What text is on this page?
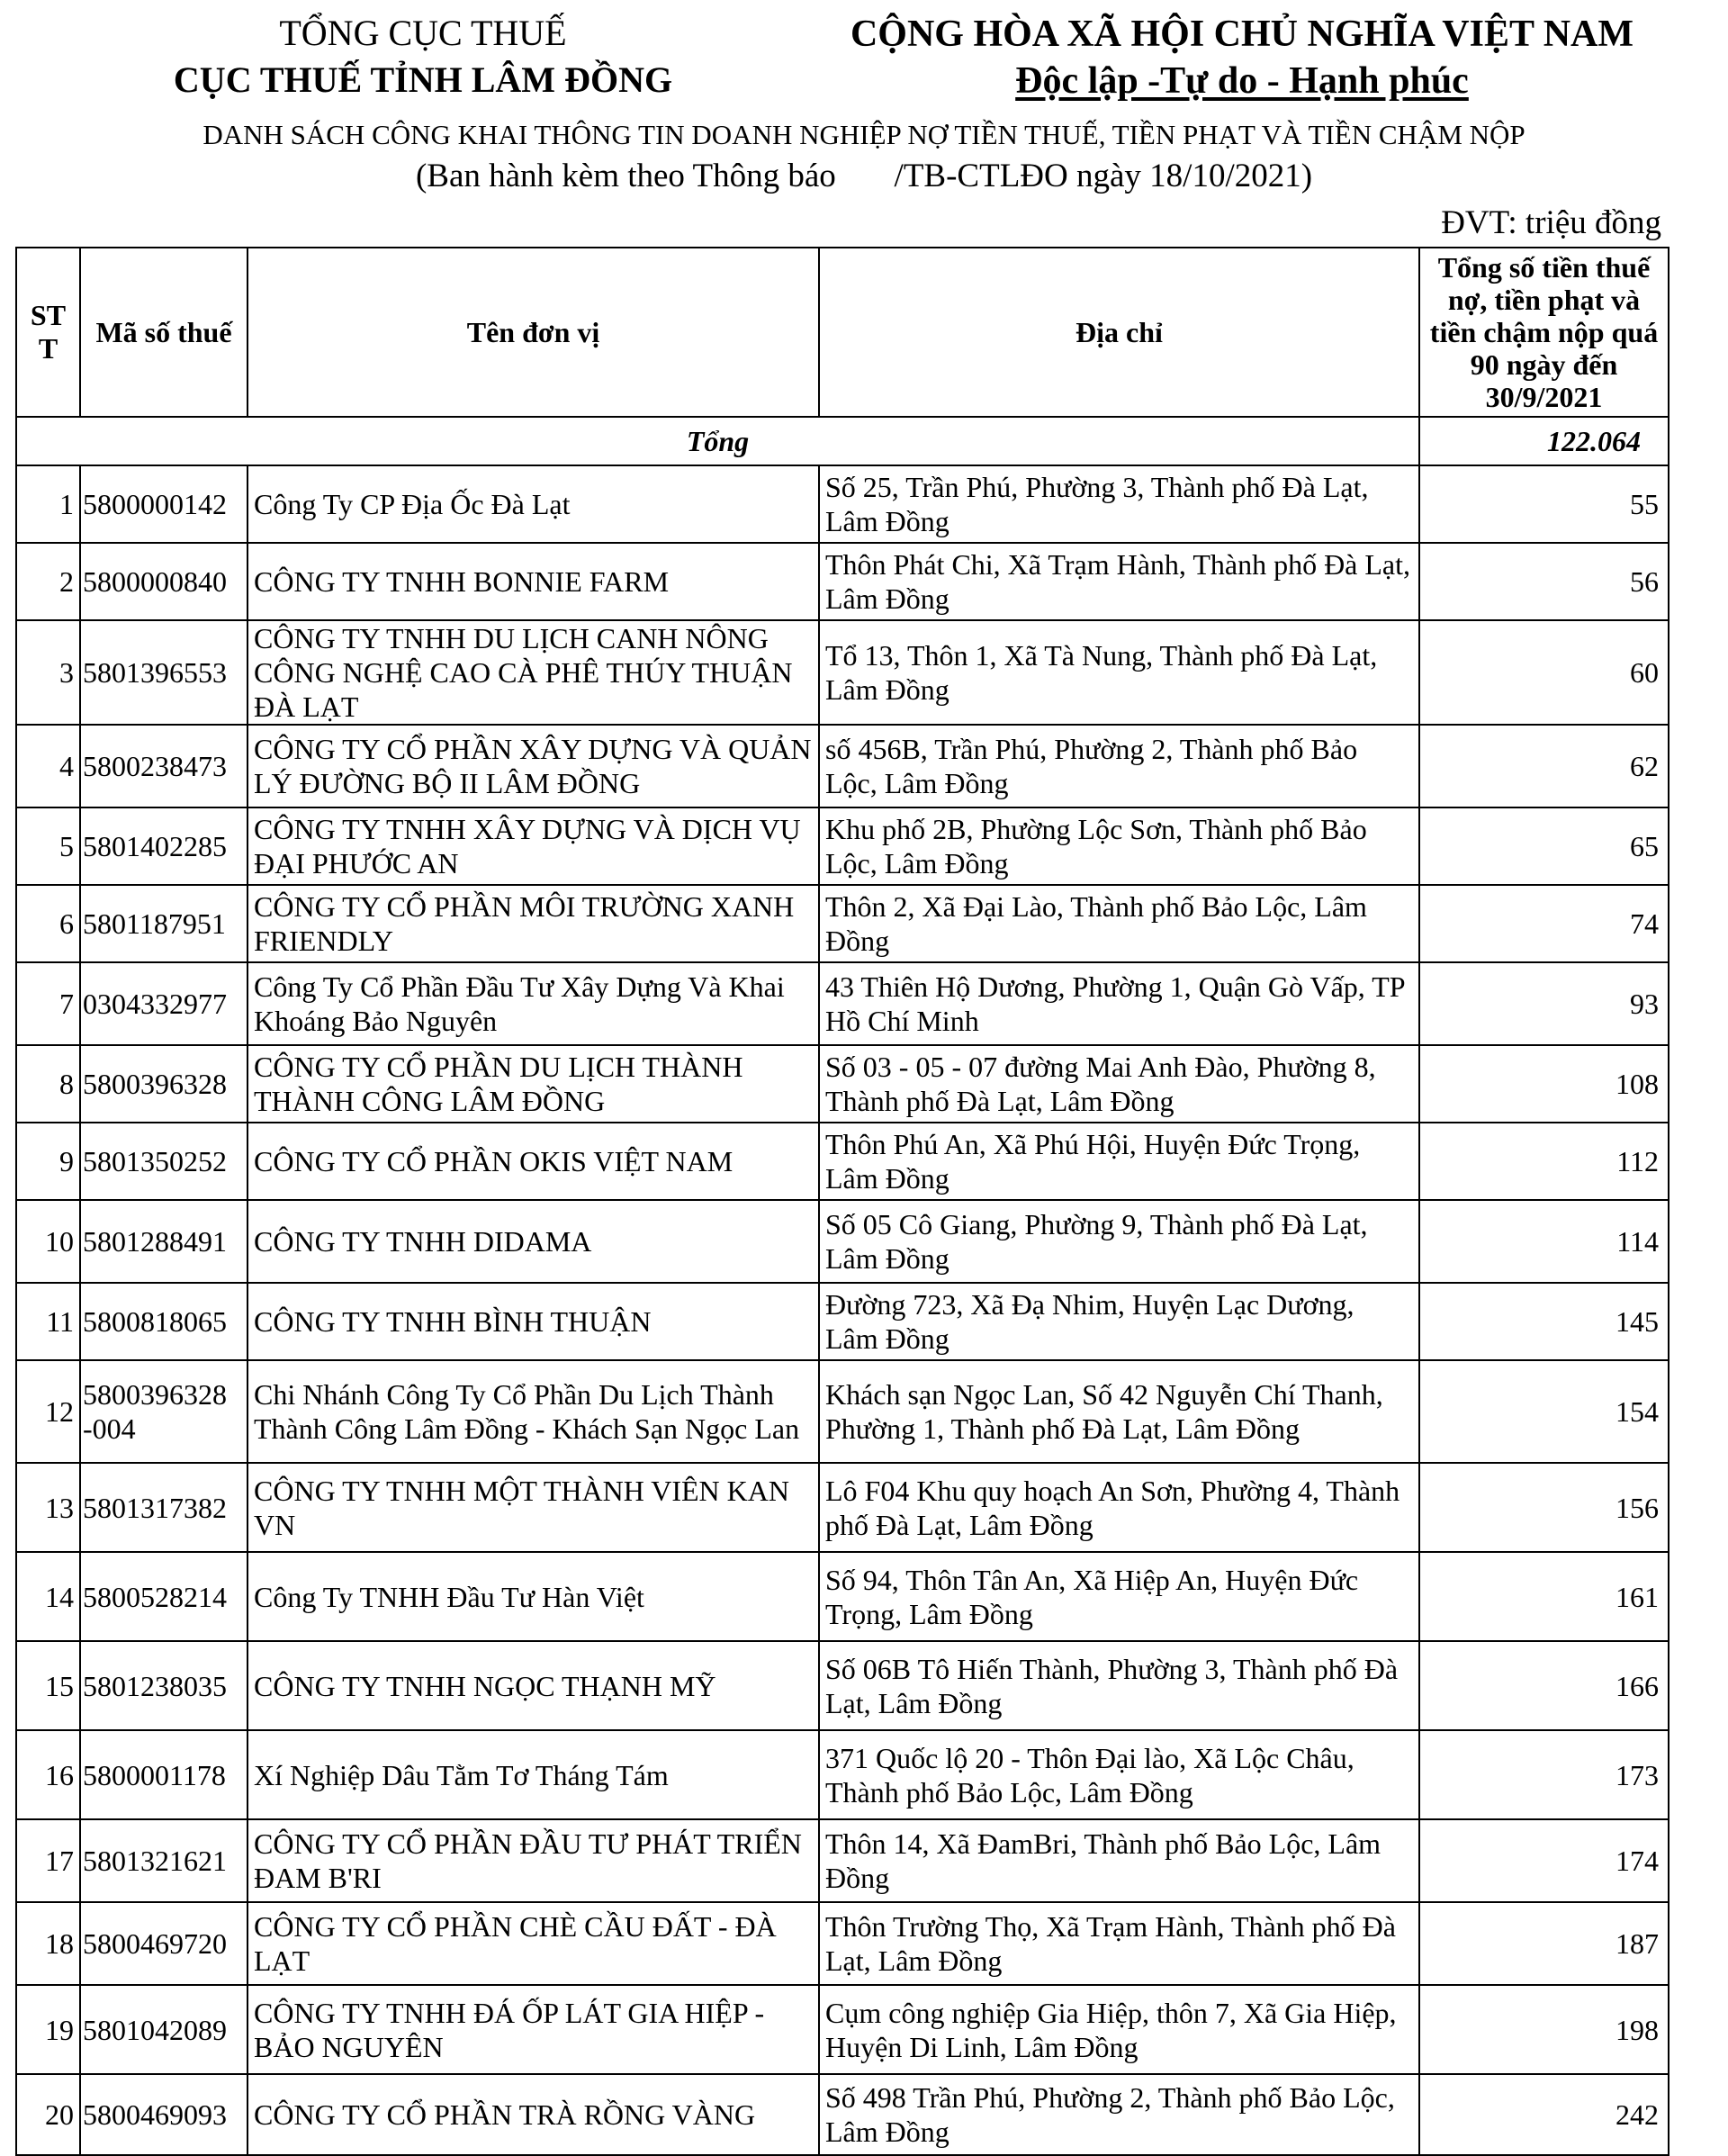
TỔNG CỤC THUẾ
CỤC THUẾ TỈNH LÂM ĐỒNG
CỘNG HÒA XÃ HỘI CHỦ NGHĨA VIỆT NAM
Độc lập -Tự do - Hạnh phúc
DANH SÁCH CÔNG KHAI THÔNG TIN DOANH NGHIỆP NỢ TIỀN THUẾ, TIỀN PHẠT VÀ TIỀN CHẬM NỘP
(Ban hành kèm theo Thông báo       /TB-CTLĐO ngày 18/10/2021)
ĐVT: triệu đồng
STT	Mã số thuế	Tên đơn vị	Địa chỉ	Tổng số tiền thuế nợ, tiền phạt và tiền chậm nộp quá 90 ngày đến 30/9/2021
Tổng				122.064
1	5800000142	Công Ty CP Địa Ốc Đà Lạt	Số 25, Trần Phú, Phường 3, Thành phố Đà Lạt, Lâm Đồng	55
2	5800000840	CÔNG TY TNHH BONNIE FARM	Thôn Phát Chi, Xã Trạm Hành, Thành phố Đà Lạt, Lâm Đồng	56
3	5801396553	CÔNG TY TNHH DU LỊCH CANH NÔNG CÔNG NGHỆ CAO CÀ PHÊ THÚY THUẬN ĐÀ LẠT	Tổ 13, Thôn 1, Xã Tà Nung, Thành phố Đà Lạt, Lâm Đồng	60
4	5800238473	CÔNG TY CỔ PHẦN XÂY DỰNG VÀ QUẢN LÝ ĐƯỜNG BỘ II LÂM ĐỒNG	số 456B, Trần Phú, Phường 2, Thành phố Bảo Lộc, Lâm Đồng	62
5	5801402285	CÔNG TY TNHH XÂY DỰNG VÀ DỊCH VỤ ĐẠI PHƯỚC AN	Khu phố 2B, Phường Lộc Sơn, Thành phố Bảo Lộc, Lâm Đồng	65
6	5801187951	CÔNG TY CỔ PHẦN MÔI TRƯỜNG XANH FRIENDLY	Thôn 2, Xã Đại Lào, Thành phố Bảo Lộc, Lâm Đồng	74
7	0304332977	Công Ty Cổ Phần Đầu Tư Xây Dựng Và Khai Khoáng Bảo Nguyên	43 Thiên Hộ Dương, Phường 1, Quận Gò Vấp, TP Hồ Chí Minh	93
8	5800396328	CÔNG TY CỔ PHẦN DU LỊCH THÀNH THÀNH CÔNG LÂM ĐỒNG	Số 03 - 05 - 07 đường Mai Anh Đào, Phường 8, Thành phố Đà Lạt, Lâm Đồng	108
9	5801350252	CÔNG TY CỔ PHẦN OKIS VIỆT NAM	Thôn Phú An, Xã Phú Hội, Huyện Đức Trọng, Lâm Đồng	112
10	5801288491	CÔNG TY TNHH DIDAMA	Số 05 Cô Giang, Phường 9, Thành phố Đà Lạt, Lâm Đồng	114
11	5800818065	CÔNG TY TNHH BÌNH THUẬN	Đường 723, Xã Đạ Nhim, Huyện Lạc Dương, Lâm Đồng	145
12	5800396328 -004	Chi Nhánh Công Ty Cổ Phần Du Lịch Thành Thành Công Lâm Đồng - Khách Sạn Ngọc Lan	Khách sạn Ngọc Lan, Số 42 Nguyễn Chí Thanh, Phường 1, Thành phố Đà Lạt, Lâm Đồng	154
13	5801317382	CÔNG TY TNHH MỘT THÀNH VIÊN KAN VN	Lô F04 Khu quy hoạch An Sơn, Phường 4, Thành phố Đà Lạt, Lâm Đồng	156
14	5800528214	Công Ty TNHH Đầu Tư Hàn Việt	Số 94, Thôn Tân An, Xã Hiệp An, Huyện Đức Trọng, Lâm Đồng	161
15	5801238035	CÔNG TY TNHH NGỌC THẠNH MỸ	Số 06B Tô Hiến Thành, Phường 3, Thành phố Đà Lạt, Lâm Đồng	166
16	5800001178	Xí Nghiệp Dâu Tằm Tơ Tháng Tám	371 Quốc lộ 20 - Thôn Đại lào, Xã Lộc Châu, Thành phố Bảo Lộc, Lâm Đồng	173
17	5801321621	CÔNG TY CỔ PHẦN ĐẦU TƯ PHÁT TRIỂN ĐAM B'RI	Thôn 14, Xã ĐamBri, Thành phố Bảo Lộc, Lâm Đồng	174
18	5800469720	CÔNG TY CỔ PHẦN CHÈ CẦU ĐẤT - ĐÀ LẠT	Thôn Trường Thọ, Xã Trạm Hành, Thành phố Đà Lạt, Lâm Đồng	187
19	5801042089	CÔNG TY TNHH ĐÁ ỐP LÁT GIA HIỆP - BẢO NGUYÊN	Cụm công nghiệp Gia Hiệp, thôn 7, Xã Gia Hiệp, Huyện Di Linh, Lâm Đồng	198
20	5800469093	CÔNG TY CỔ PHẦN TRÀ RỒNG VÀNG	Số 498 Trần Phú, Phường 2, Thành phố Bảo Lộc, Lâm Đồng	242
